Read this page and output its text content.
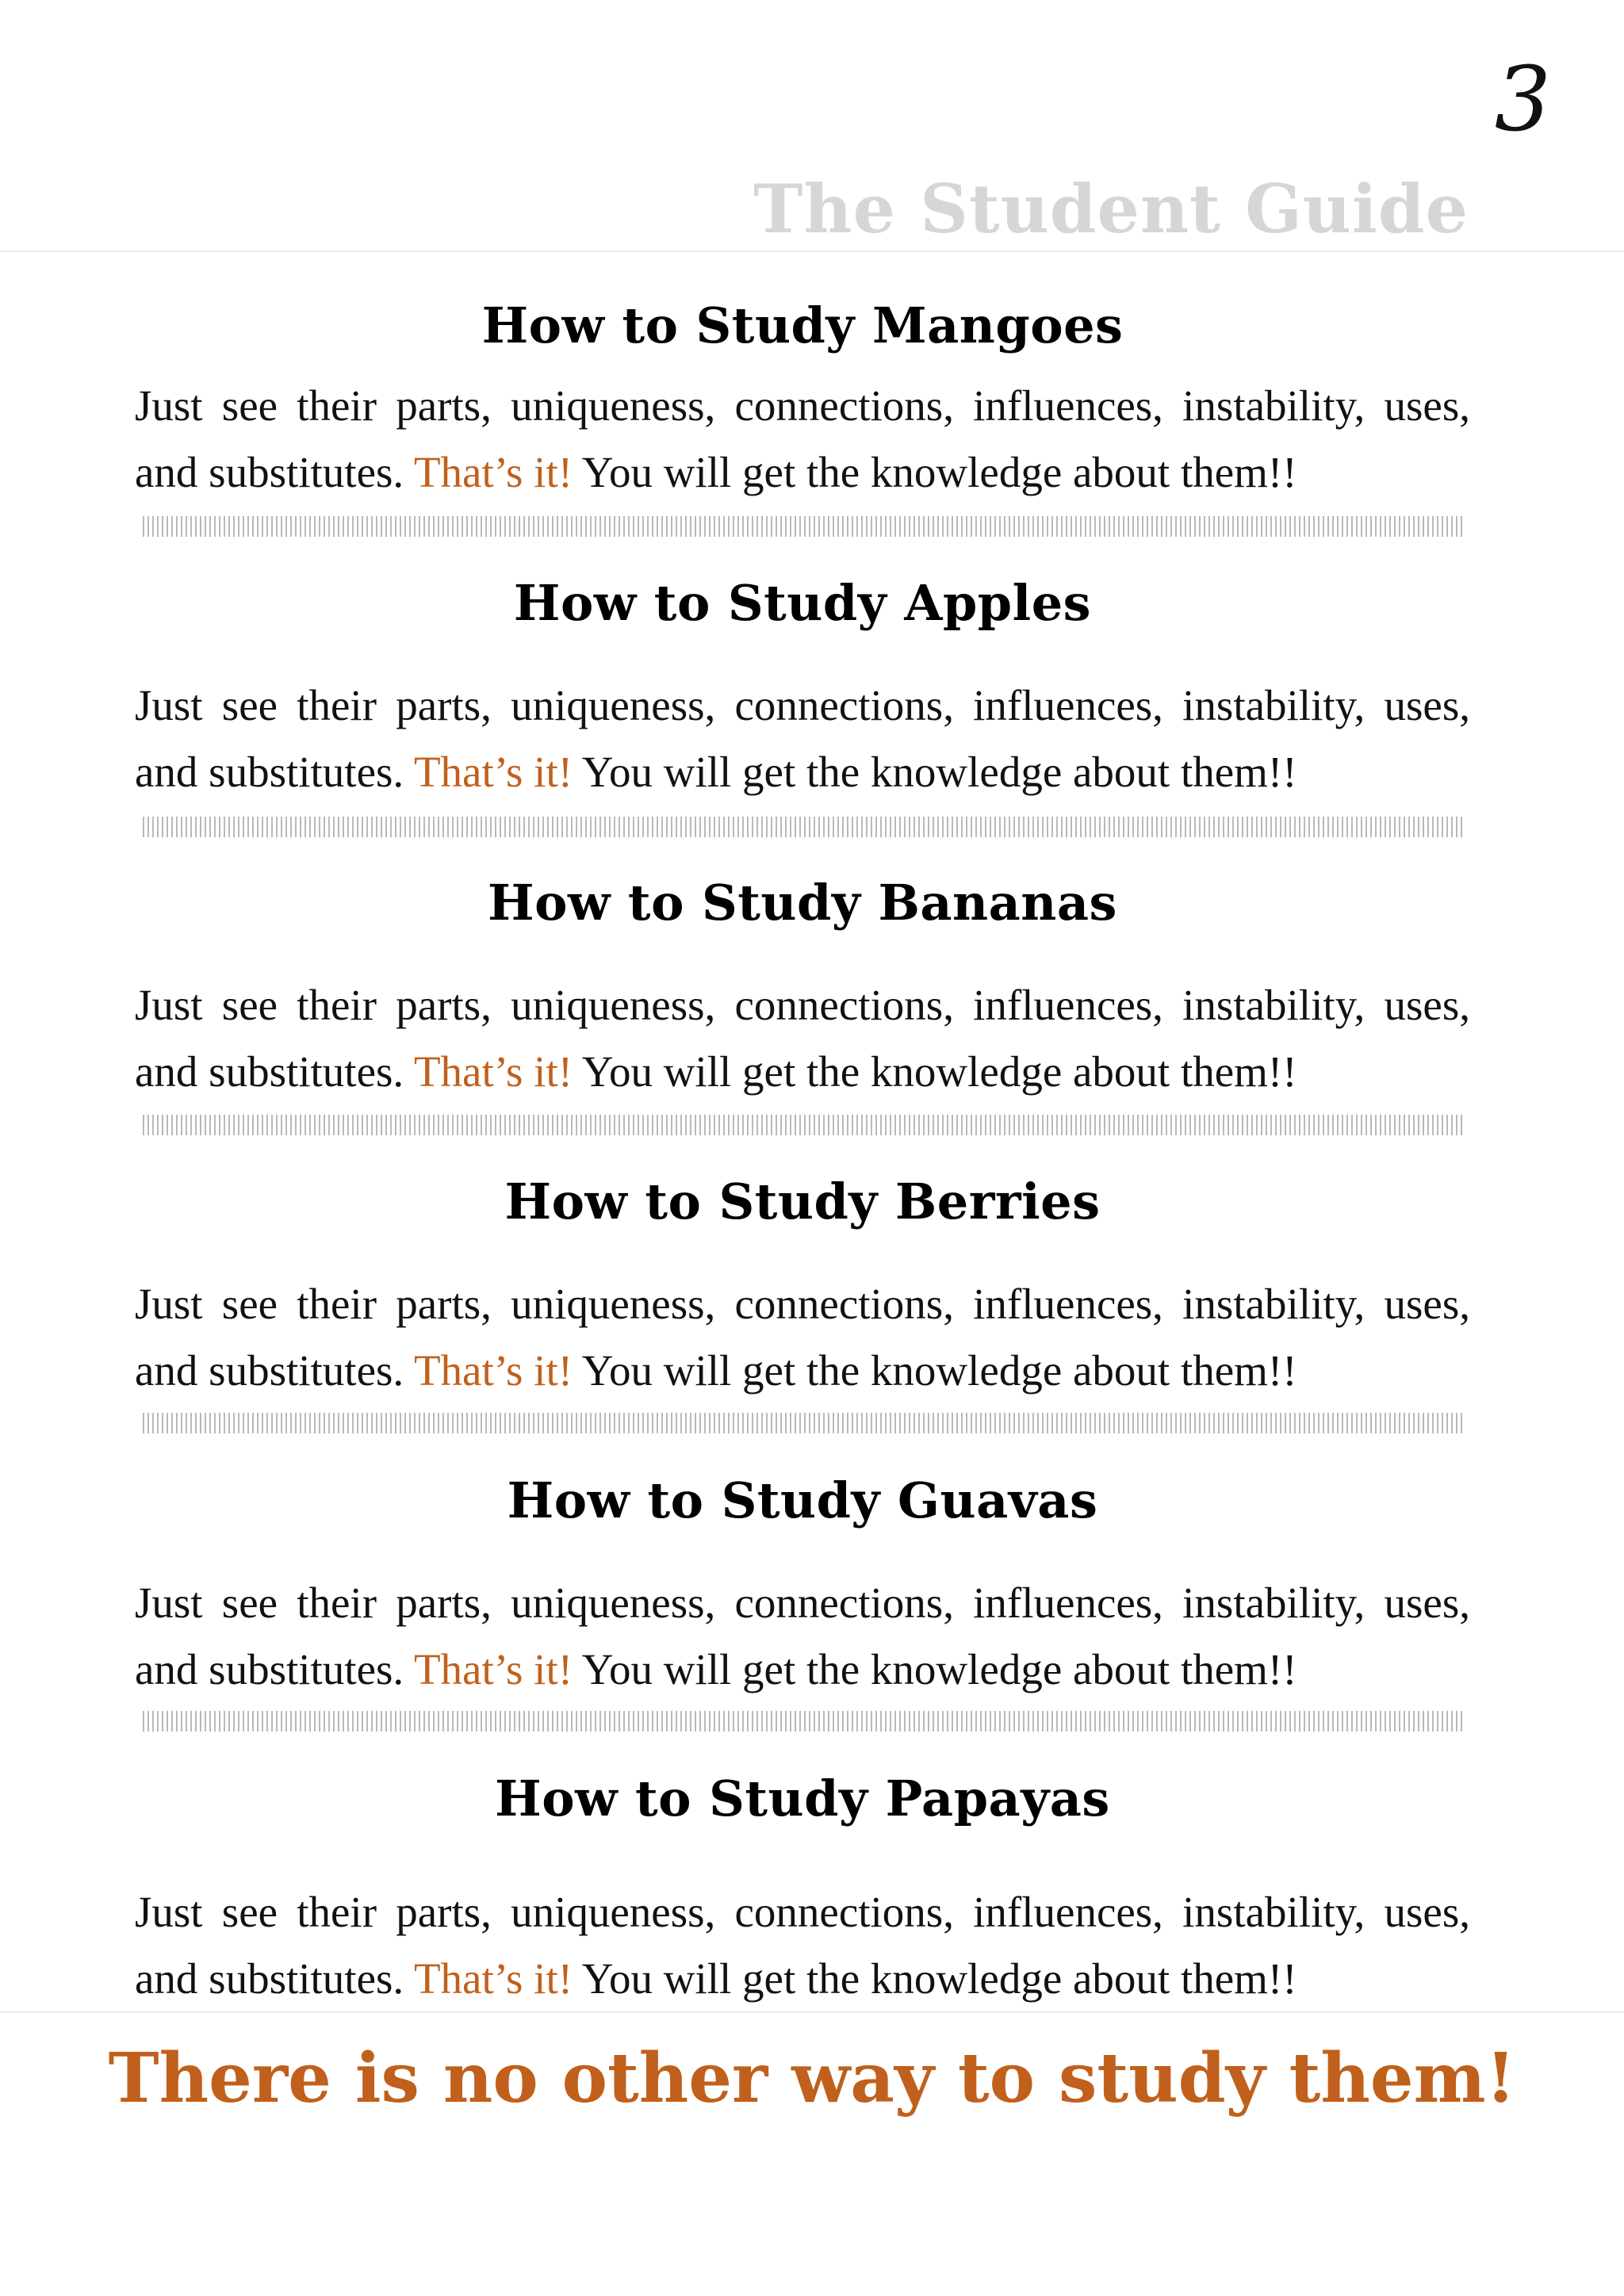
3
The Student Guide
How to Study Mangoes
Just see their parts, uniqueness, connections, influences, instability, uses,
and substitutes. That’s it! You will get the knowledge about them!!
How to Study Apples
Just see their parts, uniqueness, connections, influences, instability, uses,
and substitutes. That’s it! You will get the knowledge about them!!
How to Study Bananas
Just see their parts, uniqueness, connections, influences, instability, uses,
and substitutes. That’s it! You will get the knowledge about them!!
How to Study Berries
Just see their parts, uniqueness, connections, influences, instability, uses,
and substitutes. That’s it! You will get the knowledge about them!!
How to Study Guavas
Just see their parts, uniqueness, connections, influences, instability, uses,
and substitutes. That’s it! You will get the knowledge about them!!
How to Study Papayas
Just see their parts, uniqueness, connections, influences, instability, uses,
and substitutes. That’s it! You will get the knowledge about them!!
There is no other way to study them!
